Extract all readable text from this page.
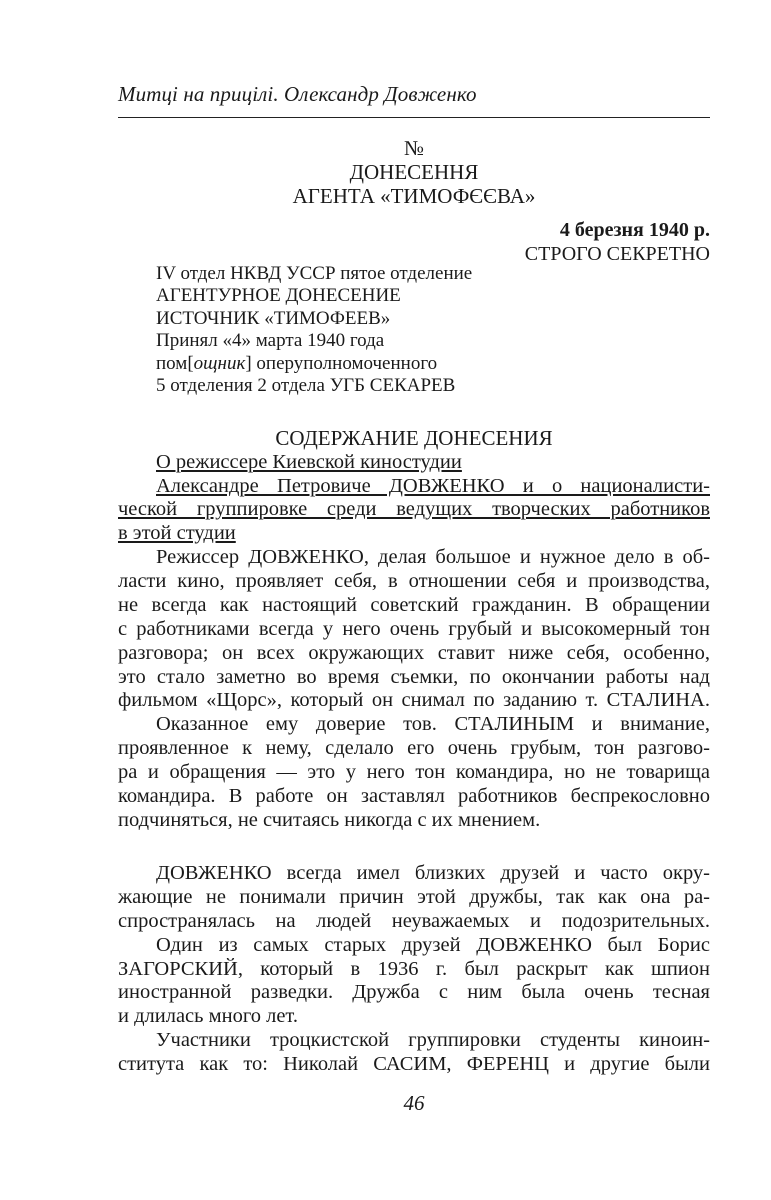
Митці на прицілі. Олександр Довженко
№
ДОНЕСЕННЯ
АГЕНТА «ТИМОФЄЄВА»
4 березня 1940 р.
СТРОГО СЕКРЕТНО
IV отдел НКВД УССР пятое отделение
АГЕНТУРНОЕ ДОНЕСЕНИЕ
ИСТОЧНИК «ТИМОФЕЕВ»
Принял «4» марта 1940 года
пом[ощник] оперуполномоченного
5 отделения 2 отдела УГБ СЕКАРЕВ
СОДЕРЖАНИЕ ДОНЕСЕНИЯ
О режиссере Киевской киностудии
Александре Петровиче ДОВЖЕНКО и о националисти-
ческой группировке среди ведущих творческих работников
в этой студии
Режиссер ДОВЖЕНКО, делая большое и нужное дело в об-
ласти кино, проявляет себя, в отношении себя и производства,
не всегда как настоящий советский гражданин. В обращении
с работниками всегда у него очень грубый и высокомерный тон
разговора; он всех окружающих ставит ниже себя, особенно,
это стало заметно во время съемки, по окончании работы над
фильмом «Щорс», который он снимал по заданию т. СТАЛИНА.
Оказанное ему доверие тов. СТАЛИНЫМ и внимание,
проявленное к нему, сделало его очень грубым, тон разгово-
ра и обращения — это у него тон командира, но не товарища
командира. В работе он заставлял работников беспрекословно
подчиняться, не считаясь никогда с их мнением.
ДОВЖЕНКО всегда имел близких друзей и часто окру-
жающие не понимали причин этой дружбы, так как она ра-
спространялась на людей неуважаемых и подозрительных.
Один из самых старых друзей ДОВЖЕНКО был Борис
ЗАГОРСКИЙ, который в 1936 г. был раскрыт как шпион
иностранной разведки. Дружба с ним была очень тесная
и длилась много лет.
Участники троцкистской группировки студенты киноин-
ститута как то: Николай САСИМ, ФЕРЕНЦ и другие были
46
